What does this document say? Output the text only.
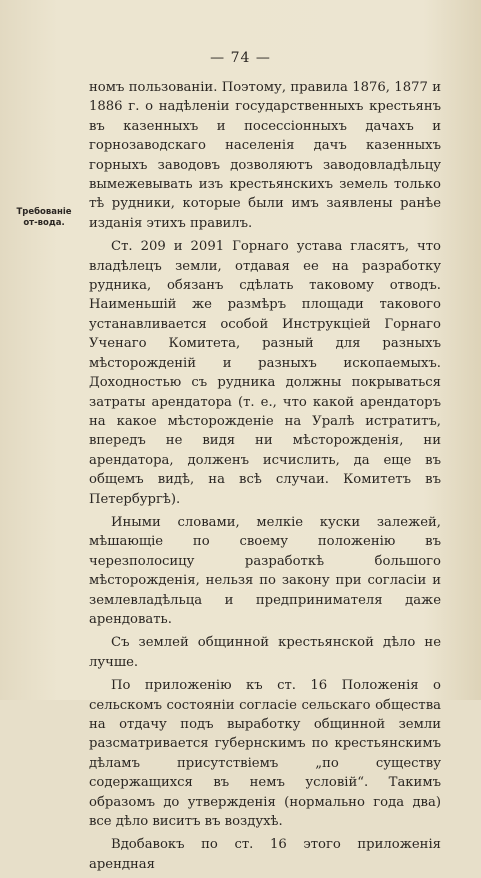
— 74 —
Требованіе от-вода.

номъ пользованіи. Поэтому, правила 1876, 1877 и 1886 г. о надѣленіи государственныхъ крестьянъ въ казенныхъ и посессіонныхъ дачахъ и горнозаводскаго населенія дачъ казенныхъ горныхъ заводовъ дозволяютъ заводовладѣльцу вымежевывать изъ крестьянскихъ земель только тѣ рудники, которые были имъ заявлены ранѣе изданія этихъ правилъ.

Ст. 209 и 2091 Горнаго устава гласятъ, что владѣлецъ земли, отдавая ее на разработку рудника, обязанъ сдѣлать таковому отводъ. Наименьшій же размѣръ площади такового устанавливается особой Инструкціей Горнаго Ученаго Комитета, разный для разныхъ мѣсторожденій и разныхъ ископаемыхъ. Доходностью съ рудника должны покрываться затраты арендатора (т. е., что какой арендаторъ на какое мѣсторожденіе на Уралѣ истратитъ, впередъ не видя ни мѣсторожденія, ни арендатора, долженъ исчислить, да еще въ общемъ видѣ, на всѣ случаи. Комитетъ въ Петербургѣ).

Иными словами, мелкіе куски залежей, мѣшающіе по своему положенію въ черезполосицу разработкѣ большого мѣсторожденія, нельзя по закону при согласіи и землевладѣльца и предпринимателя даже арендовать.

Съ землей общинной крестьянской дѣло не лучше.

По приложенію къ ст. 16 Положенія о сельскомъ состояніи согласіе сельскаго общества на отдачу подъ выработку общинной земли разсматривается губернскимъ по крестьянскимъ дѣламъ присутствіемъ „по существу содержащихся въ немъ условій“. Такимъ образомъ до утвержденія (нормально года два) все дѣло виситъ въ воздухѣ.

Вдобавокъ по ст. 16 этого приложенія арендная
